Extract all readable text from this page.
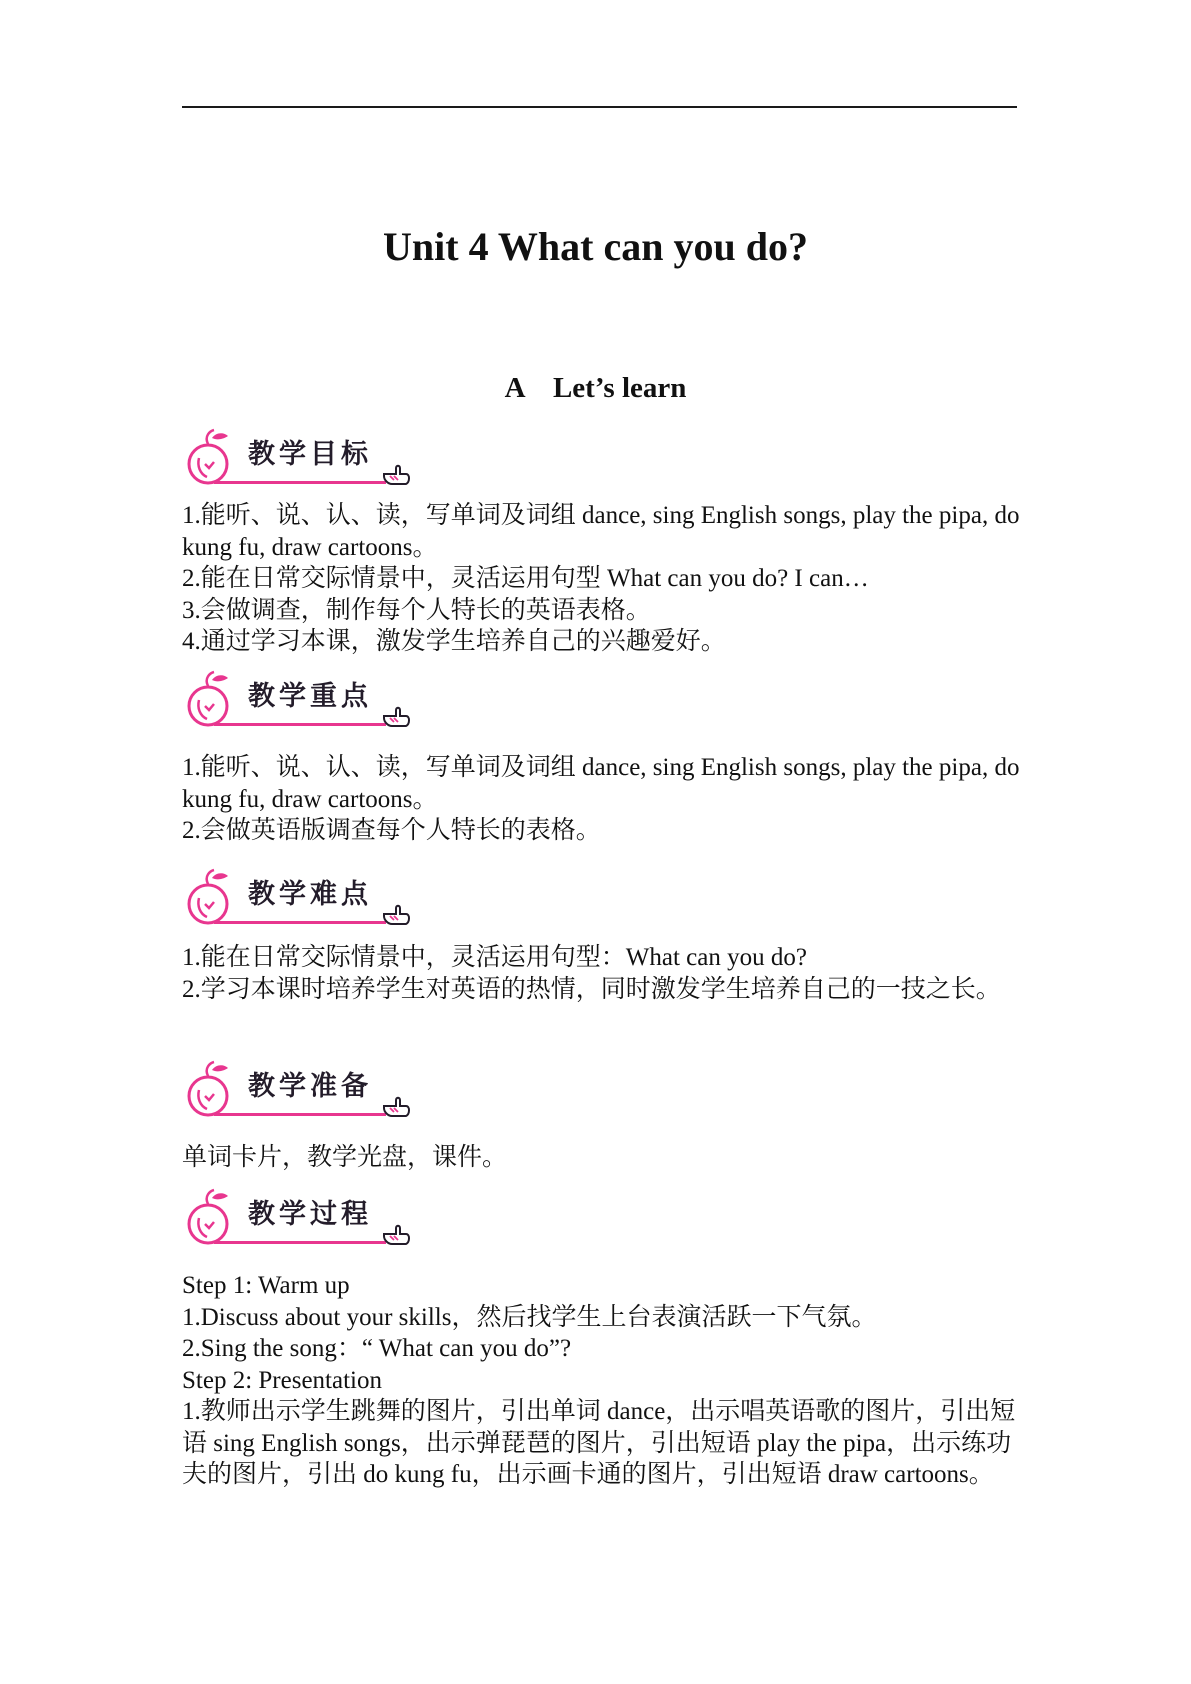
Unit 4 What can you do?
A    Let’s learn
教学目标

1.能听、说、认、读，写单词及词组 dance, sing English songs, play the pipa, do kung fu, draw cartoons。

2.能在日常交际情景中，灵活运用句型 What can you do? I can…

3.会做调查，制作每个人特长的英语表格。

4.通过学习本课，激发学生培养自己的兴趣爱好。

教学重点

1.能听、说、认、读，写单词及词组 dance, sing English songs, play the pipa, do kung fu, draw cartoons。

2.会做英语版调查每个人特长的表格。

教学难点

1.能在日常交际情景中，灵活运用句型：What can you do?

2.学习本课时培养学生对英语的热情，同时激发学生培养自己的一技之长。

教学准备

单词卡片，教学光盘，课件。

教学过程

Step 1: Warm up

1.Discuss about your skills，然后找学生上台表演活跃一下气氛。

2.Sing the song：“ What can you do”?

Step 2: Presentation

1.教师出示学生跳舞的图片，引出单词 dance，出示唱英语歌的图片，引出短语 sing English songs，出示弹琵琶的图片，引出短语 play the pipa，出示练功夫的图片，引出 do kung fu，出示画卡通的图片，引出短语 draw cartoons。
